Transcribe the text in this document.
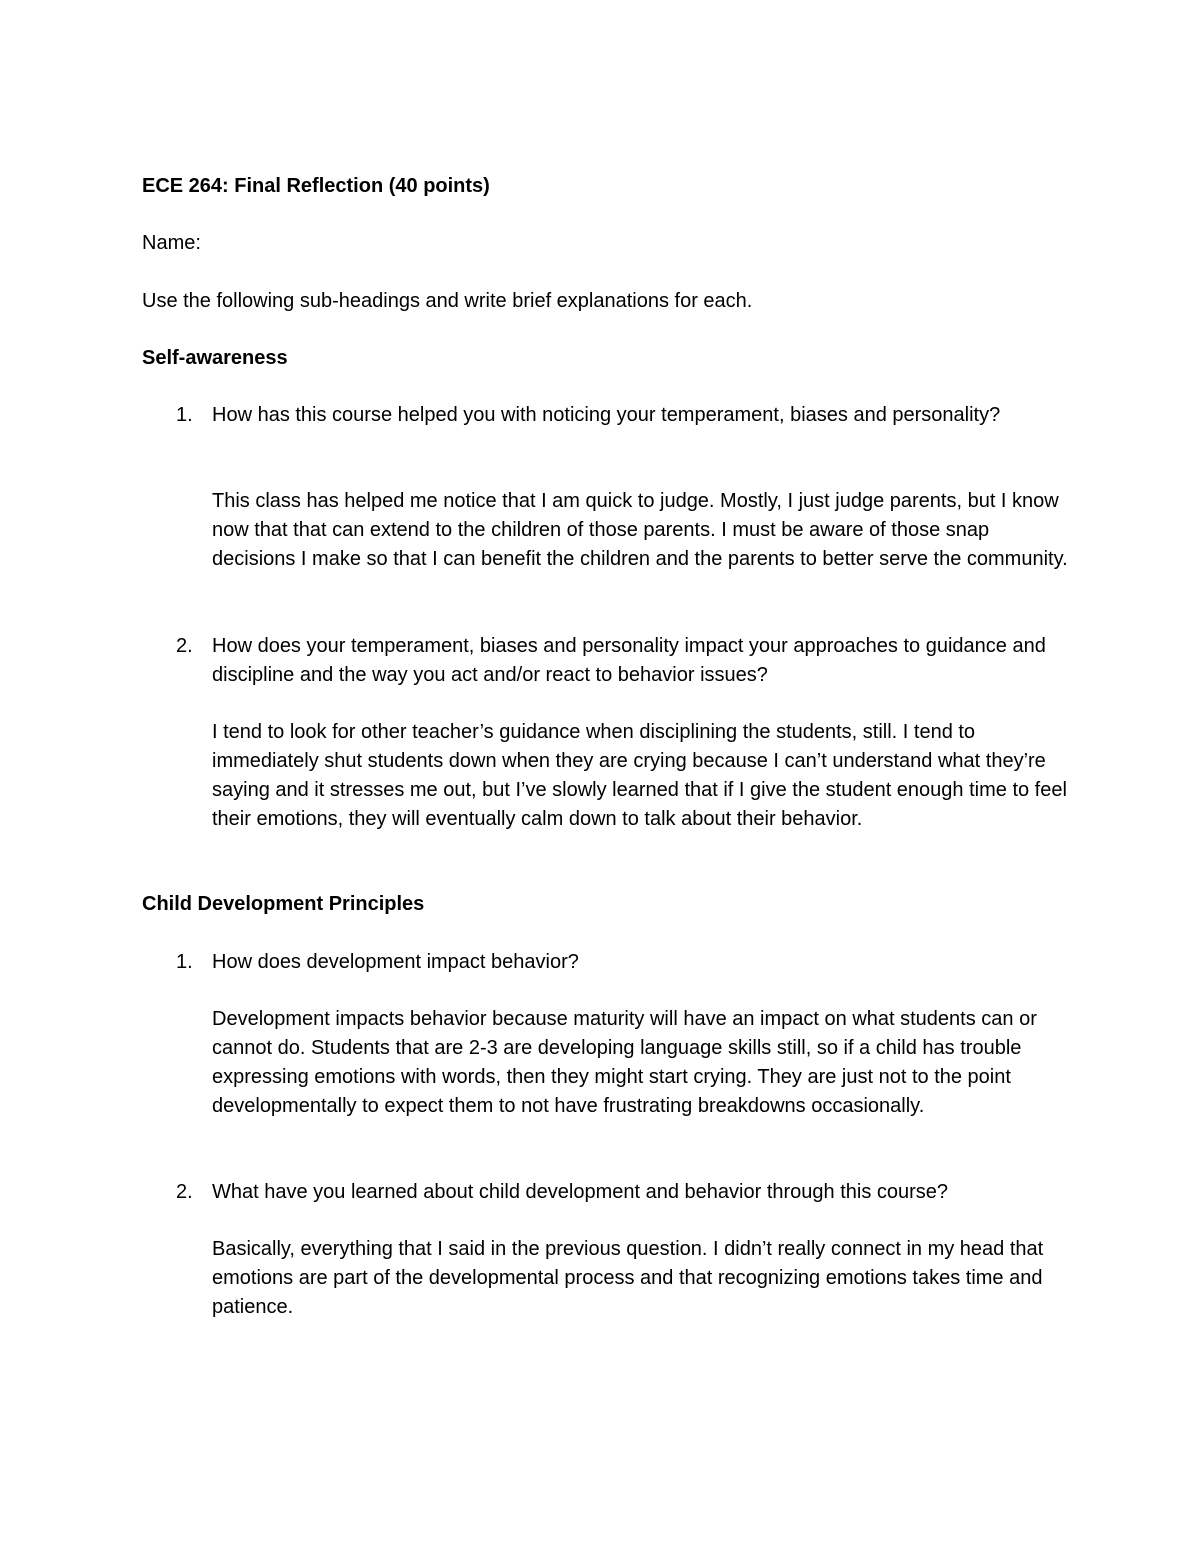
ECE 264: Final Reflection (40 points)
Name:
Use the following sub-headings and write brief explanations for each.
Self-awareness
1. How has this course helped you with noticing your temperament, biases and personality?
This class has helped me notice that I am quick to judge. Mostly, I just judge parents, but I know now that that can extend to the children of those parents. I must be aware of those snap decisions I make so that I can benefit the children and the parents to better serve the community.
2. How does your temperament, biases and personality impact your approaches to guidance and discipline and the way you act and/or react to behavior issues?
I tend to look for other teacher’s guidance when disciplining the students, still. I tend to immediately shut students down when they are crying because I can’t understand what they’re saying and it stresses me out, but I’ve slowly learned that if I give the student enough time to feel their emotions, they will eventually calm down to talk about their behavior.
Child Development Principles
1. How does development impact behavior?
Development impacts behavior because maturity will have an impact on what students can or cannot do. Students that are 2-3 are developing language skills still, so if a child has trouble expressing emotions with words, then they might start crying. They are just not to the point developmentally to expect them to not have frustrating breakdowns occasionally.
2. What have you learned about child development and behavior through this course?
Basically, everything that I said in the previous question. I didn’t really connect in my head that emotions are part of the developmental process and that recognizing emotions takes time and patience.
